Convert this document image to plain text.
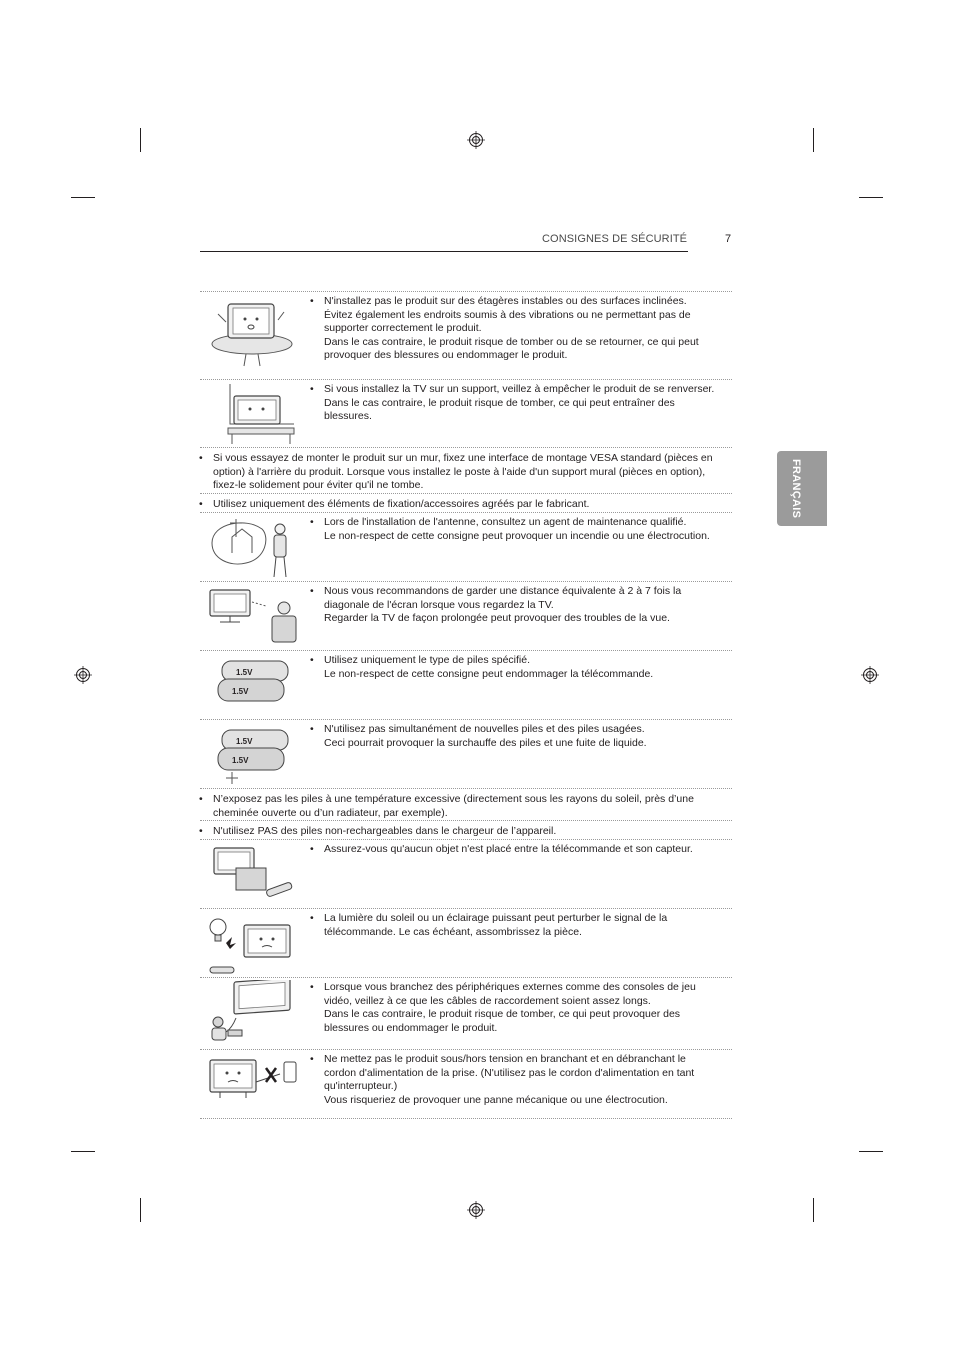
CONSIGNES DE SÉCURITÉ	7
FRANÇAIS
• N'installez pas le produit sur des étagères instables ou des surfaces inclinées. Évitez également les endroits soumis à des vibrations ou ne permettant pas de supporter correctement le produit.
Dans le cas contraire, le produit risque de tomber ou de se retourner, ce qui peut provoquer des blessures ou endommager le produit.
• Si vous installez la TV sur un support, veillez à empêcher le produit de se renverser. Dans le cas contraire, le produit risque de tomber, ce qui peut entraîner des blessures.
• Si vous essayez de monter le produit sur un mur, fixez une interface de montage VESA standard (pièces en option) à l'arrière du produit. Lorsque vous installez le poste à l'aide d'un support mural (pièces en option), fixez-le solidement pour éviter qu'il ne tombe.
• Utilisez uniquement des éléments de fixation/accessoires agréés par le fabricant.
• Lors de l'installation de l'antenne, consultez un agent de maintenance qualifié.
Le non-respect de cette consigne peut provoquer un incendie ou une électrocution.
• Nous vous recommandons de garder une distance équivalente à 2 à 7 fois la diagonale de l'écran lorsque vous regardez la TV.
Regarder la TV de façon prolongée peut provoquer des troubles de la vue.
1.5V
1.5V
• Utilisez uniquement le type de piles spécifié.
Le non-respect de cette consigne peut endommager la télécommande.
1.5V
1.5V
• N'utilisez pas simultanément de nouvelles piles et des piles usagées.
Ceci pourrait provoquer la surchauffe des piles et une fuite de liquide.
• N’exposez pas les piles à une température excessive (directement sous les rayons du soleil, près d’une cheminée ouverte ou d’un radiateur, par exemple).
• N'utilisez PAS des piles non-rechargeables dans le chargeur de l’appareil.
• Assurez-vous qu'aucun objet n'est placé entre la télécommande et son capteur.
• La lumière du soleil ou un éclairage puissant peut perturber le signal de la télécommande. Le cas échéant, assombrissez la pièce.
• Lorsque vous branchez des périphériques externes comme des consoles de jeu vidéo, veillez à ce que les câbles de raccordement soient assez longs.
Dans le cas contraire, le produit risque de tomber, ce qui peut provoquer des blessures ou endommager le produit.
• Ne mettez pas le produit sous/hors tension en branchant et en débranchant le cordon d'alimentation de la prise. (N'utilisez pas le cordon d'alimentation en tant qu'interrupteur.)
Vous risqueriez de provoquer une panne mécanique ou une électrocution.
